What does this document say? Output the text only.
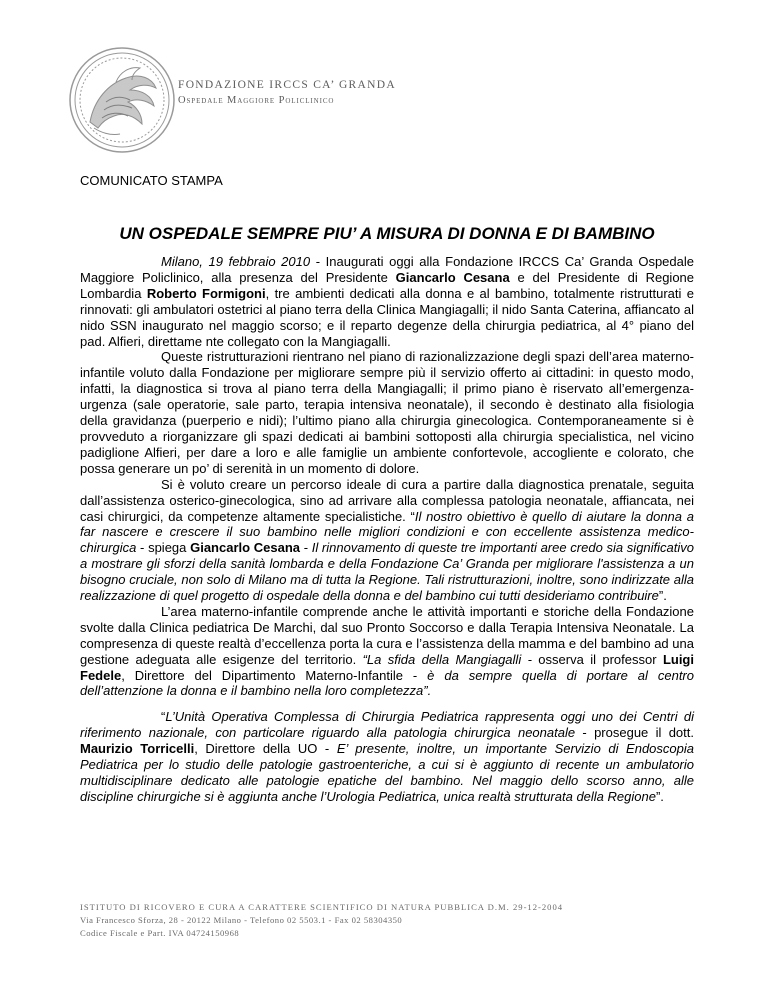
FONDAZIONE IRCCS CA’ GRANDA
Ospedale Maggiore Policlinico
COMUNICATO STAMPA
UN OSPEDALE SEMPRE PIU’ A MISURA DI DONNA E DI BAMBINO

Milano, 19 febbraio 2010 - Inaugurati oggi alla Fondazione IRCCS Ca’ Granda Ospedale Maggiore Policlinico, alla presenza del Presidente Giancarlo Cesana e del Presidente di Regione Lombardia Roberto Formigoni, tre ambienti dedicati alla donna e al bambino, totalmente ristrutturati e rinnovati: gli ambulatori ostetrici al piano terra della Clinica Mangiagalli; il nido Santa Caterina, affiancato al nido SSN inaugurato nel maggio scorso; e il reparto degenze della chirurgia pediatrica, al 4° piano del pad. Alfieri, direttame nte collegato con la Mangiagalli.

Queste ristrutturazioni rientrano nel piano di razionalizzazione degli spazi dell’area materno-infantile voluto dalla Fondazione per migliorare sempre più il servizio offerto ai cittadini: in questo modo, infatti, la diagnostica si trova al piano terra della Mangiagalli; il primo piano è riservato all’emergenza-urgenza (sale operatorie, sale parto, terapia intensiva neonatale), il secondo è destinato alla fisiologia della gravidanza (puerperio e nidi); l’ultimo piano alla chirurgia ginecologica. Contemporaneamente si è provveduto a riorganizzare gli spazi dedicati ai bambini sottoposti alla chirurgia specialistica, nel vicino padiglione Alfieri, per dare a loro e alle famiglie un ambiente confortevole, accogliente e colorato, che possa generare un po’ di serenità in un momento di dolore.

Si è voluto creare un percorso ideale di cura a partire dalla diagnostica prenatale, seguita dall’assistenza osterico-ginecologica, sino ad arrivare alla complessa patologia neonatale, affiancata, nei casi chirurgici, da competenze altamente specialistiche. “Il nostro obiettivo è quello di aiutare la donna a far nascere e crescere il suo bambino nelle migliori condizioni e con eccellente assistenza medico-chirurgica - spiega Giancarlo Cesana - Il rinnovamento di queste tre importanti aree credo sia significativo a mostrare gli sforzi della sanità lombarda e della Fondazione Ca’ Granda per migliorare l'assistenza a un bisogno cruciale, non solo di Milano ma di tutta la Regione. Tali ristrutturazioni, inoltre, sono indirizzate alla realizzazione di quel progetto di ospedale della donna e del bambino cui tutti desideriamo contribuire”.

L’area materno-infantile comprende anche le attività importanti e storiche della Fondazione svolte dalla Clinica pediatrica De Marchi, dal suo Pronto Soccorso e dalla Terapia Intensiva Neonatale. La compresenza di queste realtà d’eccellenza porta la cura e l’assistenza della mamma e del bambino ad una gestione adeguata alle esigenze del territorio. “La sfida della Mangiagalli - osserva il professor Luigi Fedele, Direttore del Dipartimento Materno-Infantile - è da sempre quella di portare al centro dell’attenzione la donna e il bambino nella loro completezza”.

“L’Unità Operativa Complessa di Chirurgia Pediatrica rappresenta oggi uno dei Centri di riferimento nazionale, con particolare riguardo alla patologia chirurgica neonatale - prosegue il dott. Maurizio Torricelli, Direttore della UO - E’ presente, inoltre, un importante Servizio di Endoscopia Pediatrica per lo studio delle patologie gastroenteriche, a cui si è aggiunto di recente un ambulatorio multidisciplinare dedicato alle patologie epatiche del bambino. Nel maggio dello scorso anno, alle discipline chirurgiche si è aggiunta anche l’Urologia Pediatrica, unica realtà strutturata della Regione”.

ISTITUTO DI RICOVERO E CURA A CARATTERE SCIENTIFICO DI NATURA PUBBLICA D.M. 29-12-2004
Via Francesco Sforza, 28 - 20122 Milano - Telefono 02 5503.1 - Fax 02 58304350
Codice Fiscale e Part. IVA 04724150968
